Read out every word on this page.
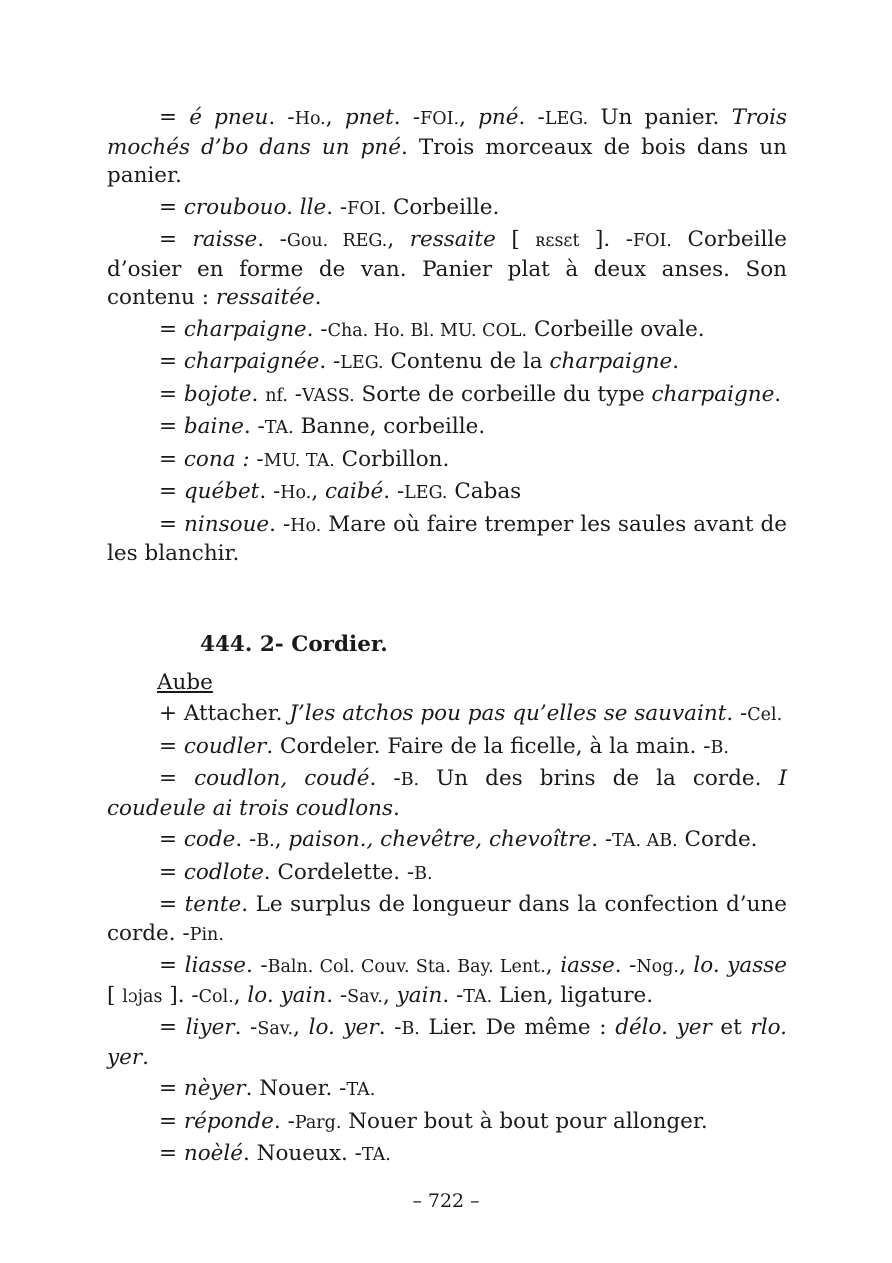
= é pneu. -Ho., pnet. -FOI., pné. -LEG. Un panier. Trois mochés d’bo dans un pné. Trois morceaux de bois dans un panier.
= croubouo. lle. -FOI. Corbeille.
= raisse. -Gou. REG., ressaite [ ʀɛsɛt ]. -FOI. Corbeille d’osier en forme de van. Panier plat à deux anses. Son contenu : ressaitée.
= charpaigne. -Cha. Ho. Bl. MU. COL. Corbeille ovale.
= charpaignée. -LEG. Contenu de la charpaigne.
= bojote. nf. -VASS. Sorte de corbeille du type charpaigne.
= baine. -TA. Banne, corbeille.
= cona : -MU. TA. Corbillon.
= québet. -Ho., caibé. -LEG. Cabas
= ninsoue. -Ho. Mare où faire tremper les saules avant de les blanchir.
444. 2- Cordier.
Aube
+ Attacher. J’les atchos pou pas qu’elles se sauvaint. -Cel.
= coudler. Cordeler. Faire de la ficelle, à la main. -B.
= coudlon, coudé. -B. Un des brins de la corde. I coudeule ai trois coudlons.
= code. -B., paison., chevêtre, chevoître. -TA. AB. Corde.
= codlote. Cordelette. -B.
= tente. Le surplus de longueur dans la confection d’une corde. -Pin.
= liasse. -Baln. Col. Couv. Sta. Bay. Lent., iasse. -Nog., lo. yasse [ lɔjas ]. -Col., lo. yain. -Sav., yain. -TA. Lien, ligature.
= liyer. -Sav., lo. yer. -B. Lier. De même : délo. yer et rlo. yer.
= nèyer. Nouer. -TA.
= réponde. -Parg. Nouer bout à bout pour allonger.
= noèlé. Noueux. -TA.
– 722 –
